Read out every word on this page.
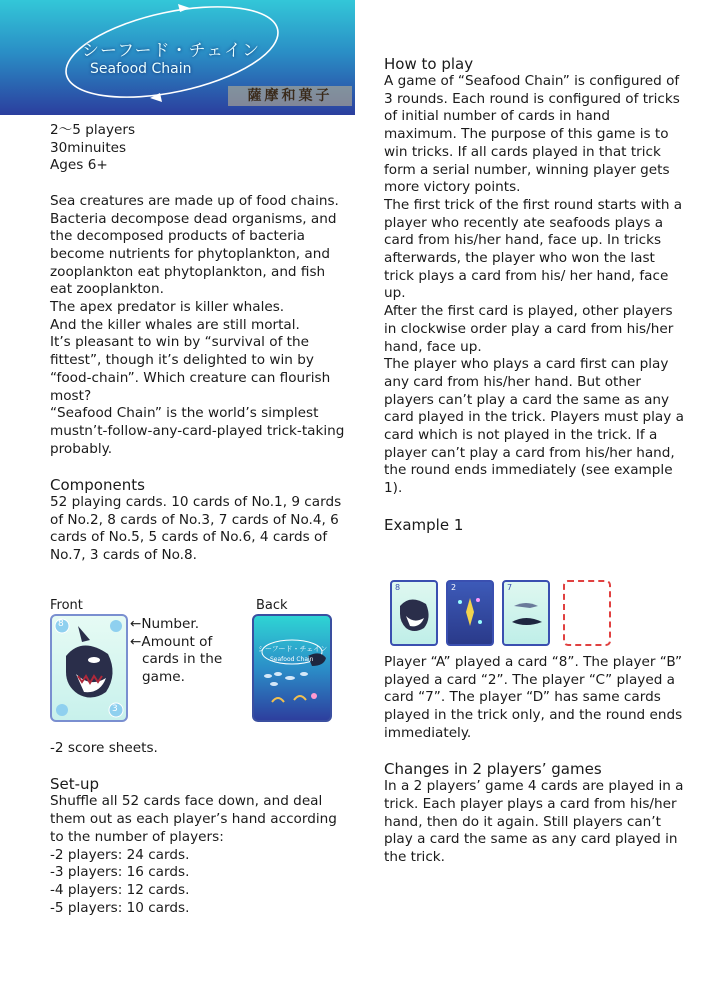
シーフード・チェイン
Seafood Chain
薩摩和菓子

2～5 players

30minuites

Ages 6+

Sea creatures are made up of food chains.

Bacteria decompose dead organisms, and the decomposed products of bacteria become nutrients for phytoplankton, and zooplankton eat phytoplankton, and fish eat zooplankton.

The apex predator is killer whales.

And the killer whales are still mortal.

It’s pleasant to win by “survival of the fittest”, though it’s delighted to win by “food-chain”. Which creature can flourish most?

“Seafood Chain” is the world’s simplest mustn’t-follow-any-card-played trick-taking probably.

Components

52 playing cards. 10 cards of No.1, 9 cards of No.2, 8 cards of No.3, 7 cards of No.4, 6 cards of No.5, 5 cards of No.6, 4 cards of No.7, 3 cards of No.8.

Front	Back
8
3
←Number.
←Amount of
cards in the
game.
シーフード・チェイン
Seafood Chain

-2 score sheets.

Set-up

Shuffle all 52 cards face down, and deal them out as each player’s hand according to the number of players:

-2 players: 24 cards.

-3 players: 16 cards.

-4 players: 12 cards.

-5 players: 10 cards.

How to play

A game of “Seafood Chain” is configured of 3 rounds. Each round is configured of tricks of initial number of cards in hand maximum. The purpose of this game is to win tricks. If all cards played in that trick form a serial number, winning player gets more victory points.

The first trick of the first round starts with a player who recently ate seafoods plays a card from his/her hand, face up. In tricks afterwards, the player who won the last trick plays a card from his/ her hand, face up.

After the first card is played, other players in clockwise order play a card from his/her hand, face up.

The player who plays a card first can play any card from his/her hand. But other players can’t play a card the same as any card played in the trick. Players must play a card which is not played in the trick. If a player can’t play a card from his/her hand, the round ends immediately (see example 1).

Example 1
8	2	7

Player “A” played a card “8”. The player “B” played a card “2”. The player “C” played a card “7”. The player “D” has same cards played in the trick only, and the round ends immediately.

Changes in 2 players’ games

In a 2 players’ game 4 cards are played in a trick. Each player plays a card from his/her hand, then do it again. Still players can’t play a card the same as any card played in the trick.
